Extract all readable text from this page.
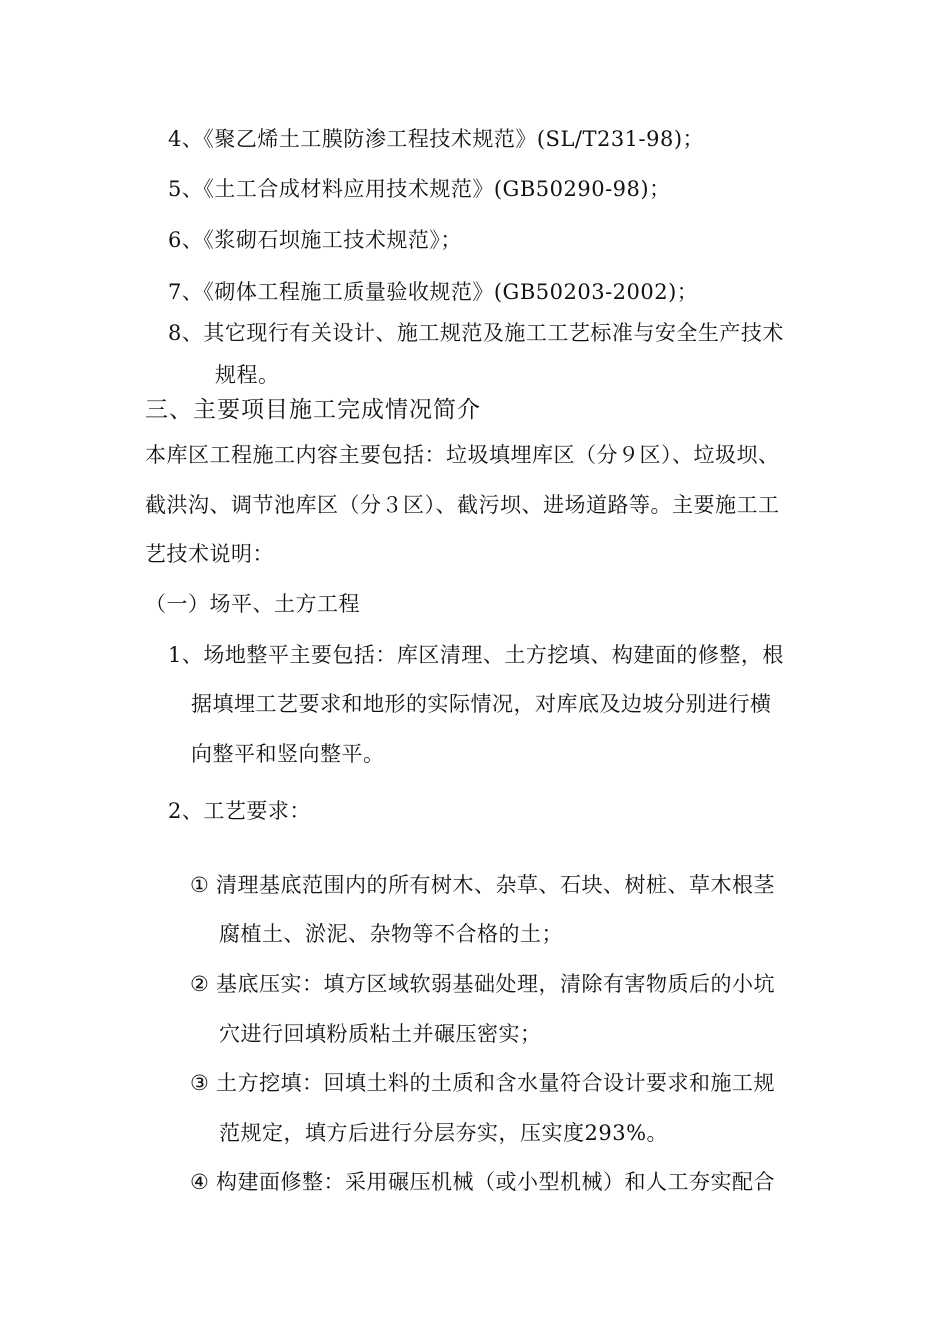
4、《聚乙烯土工膜防渗工程技术规范》(SL/T231-98)；
5、《土工合成材料应用技术规范》(GB50290-98)；
6、《浆砌石坝施工技术规范》；
7、《砌体工程施工质量验收规范》(GB50203-2002)；
8、其它现行有关设计、施工规范及施工工艺标准与安全生产技术
规程。
三、主要项目施工完成情况简介
本库区工程施工内容主要包括：垃圾填埋库区（分９区）、垃圾坝、
截洪沟、调节池库区（分３区）、截污坝、进场道路等。主要施工工
艺技术说明：
（一）场平、土方工程
1、场地整平主要包括：库区清理、土方挖填、构建面的修整，根
据填埋工艺要求和地形的实际情况，对库底及边坡分别进行横
向整平和竖向整平。
2、工艺要求：
① 清理基底范围内的所有树木、杂草、石块、树桩、草木根茎
腐植土、淤泥、杂物等不合格的土；
② 基底压实：填方区域软弱基础处理，清除有害物质后的小坑
穴进行回填粉质粘土并碾压密实；
③ 土方挖填：回填土料的土质和含水量符合设计要求和施工规
范规定，填方后进行分层夯实，压实度293%。
④ 构建面修整：采用碾压机械（或小型机械）和人工夯实配合
